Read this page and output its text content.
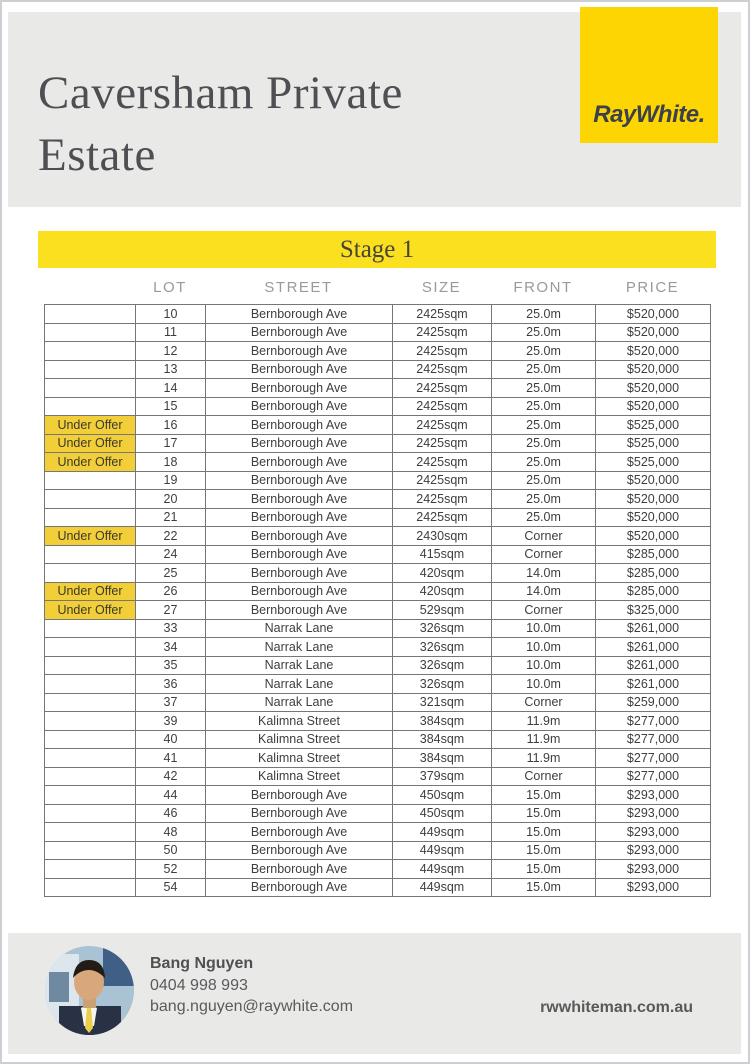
Caversham Private Estate
RayWhite.
Stage 1
LOT	STREET	SIZE	FRONT	PRICE
	10	Bernborough Ave	2425sqm	25.0m	$520,000
	11	Bernborough Ave	2425sqm	25.0m	$520,000
	12	Bernborough Ave	2425sqm	25.0m	$520,000
	13	Bernborough Ave	2425sqm	25.0m	$520,000
	14	Bernborough Ave	2425sqm	25.0m	$520,000
	15	Bernborough Ave	2425sqm	25.0m	$520,000
Under Offer	16	Bernborough Ave	2425sqm	25.0m	$525,000
Under Offer	17	Bernborough Ave	2425sqm	25.0m	$525,000
Under Offer	18	Bernborough Ave	2425sqm	25.0m	$525,000
	19	Bernborough Ave	2425sqm	25.0m	$520,000
	20	Bernborough Ave	2425sqm	25.0m	$520,000
	21	Bernborough Ave	2425sqm	25.0m	$520,000
Under Offer	22	Bernborough Ave	2430sqm	Corner	$520,000
	24	Bernborough Ave	415sqm	Corner	$285,000
	25	Bernborough Ave	420sqm	14.0m	$285,000
Under Offer	26	Bernborough Ave	420sqm	14.0m	$285,000
Under Offer	27	Bernborough Ave	529sqm	Corner	$325,000
	33	Narrak Lane	326sqm	10.0m	$261,000
	34	Narrak Lane	326sqm	10.0m	$261,000
	35	Narrak Lane	326sqm	10.0m	$261,000
	36	Narrak Lane	326sqm	10.0m	$261,000
	37	Narrak Lane	321sqm	Corner	$259,000
	39	Kalimna Street	384sqm	11.9m	$277,000
	40	Kalimna Street	384sqm	11.9m	$277,000
	41	Kalimna Street	384sqm	11.9m	$277,000
	42	Kalimna Street	379sqm	Corner	$277,000
	44	Bernborough Ave	450sqm	15.0m	$293,000
	46	Bernborough Ave	450sqm	15.0m	$293,000
	48	Bernborough Ave	449sqm	15.0m	$293,000
	50	Bernborough Ave	449sqm	15.0m	$293,000
	52	Bernborough Ave	449sqm	15.0m	$293,000
	54	Bernborough Ave	449sqm	15.0m	$293,000
Bang Nguyen
0404 998 993
bang.nguyen@raywhite.com	rwwhiteman.com.au
